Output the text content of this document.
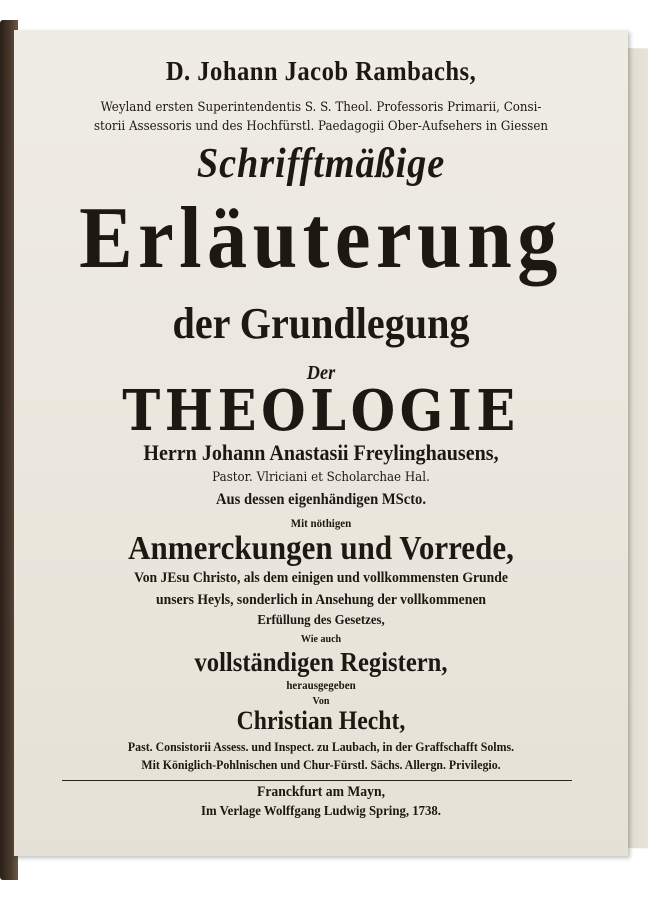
D. Johann Jacob Rambachs,
Weyland ersten Superintendentis S. S. Theol. Professoris Primarii, Consi-
storii Assessoris und des Hochfürstl. Paedagogii Ober-Aufsehers in Giessen
Schrifftmäßige
Erläuterung
der Grundlegung
Der
THEOLOGIE
Herrn Johann Anastasii Freylinghausens,
Pastor. Vlriciani et Scholarchae Hal.
Aus dessen eigenhändigen MScto.
Mit nöthigen
Anmerckungen und Vorrede,
Von JEsu Christo, als dem einigen und vollkommensten Grunde
unsers Heyls, sonderlich in Ansehung der vollkommenen
Erfüllung des Gesetzes,
Wie auch
vollständigen Registern,
herausgegeben
Von
Christian Hecht,
Past. Consistorii Assess. und Inspect. zu Laubach, in der Graffschafft Solms.
Mit Königlich-Pohlnischen und Chur-Fürstl. Sächs. Allergn. Privilegio.
Franckfurt am Mayn,
Im Verlage Wolffgang Ludwig Spring, 1738.
